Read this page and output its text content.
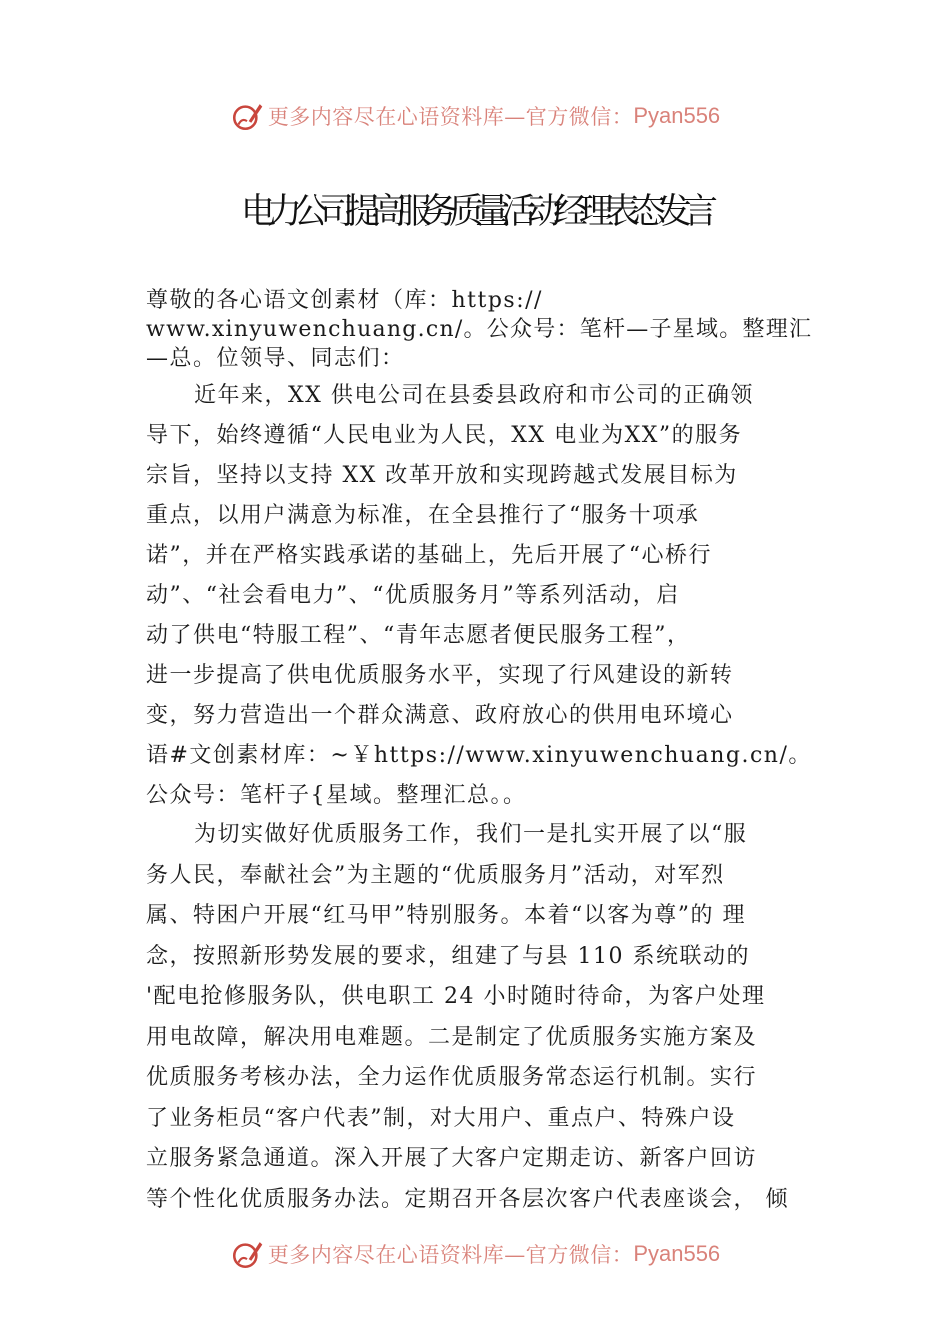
更多内容尽在心语资料库—官方微信： Pyan556
电力公司提高服务质量活动经理表态发言
尊敬的各心语文创素材（库：https://
www.xinyuwenchuang.cn/。公众号：笔杆—子星域。整理汇
—总。位领导、同志们：
近年来，XX 供电公司在县委县政府和市公司的正确领
导下，始终遵循“人民电业为人民，XX 电业为XX”的服务
宗旨，坚持以支持 XX 改革开放和实现跨越式发展目标为
重点，以用户满意为标准，在全县推行了“服务十项承
诺”，并在严格实践承诺的基础上，先后开展了“心桥行
动”、“社会看电力”、“优质服务月”等系列活动，启
动了供电“特服工程”、“青年志愿者便民服务工程”，
进一步提高了供电优质服务水平，实现了行风建设的新转
变，努力营造出一个群众满意、政府放心的供用电环境心
语#文创素材库：~￥https://www.xinyuwenchuang.cn/。
公众号：笔杆子{星域。整理汇总。。
为切实做好优质服务工作，我们一是扎实开展了以“服
务人民，奉献社会”为主题的“优质服务月”活动，对军烈
属、特困户开展“红马甲”特别服务。本着“以客为尊”的 理
念，按照新形势发展的要求，组建了与县 110 系统联动的
'配电抢修服务队，供电职工 24 小时随时待命，为客户处理
用电故障，解决用电难题。二是制定了优质服务实施方案及
优质服务考核办法，全力运作优质服务常态运行机制。实行
了业务柜员“客户代表”制，对大用户、重点户、特殊户设
立服务紧急通道。深入开展了大客户定期走访、新客户回访
等个性化优质服务办法。定期召开各层次客户代表座谈会， 倾
更多内容尽在心语资料库—官方微信： Pyan556
